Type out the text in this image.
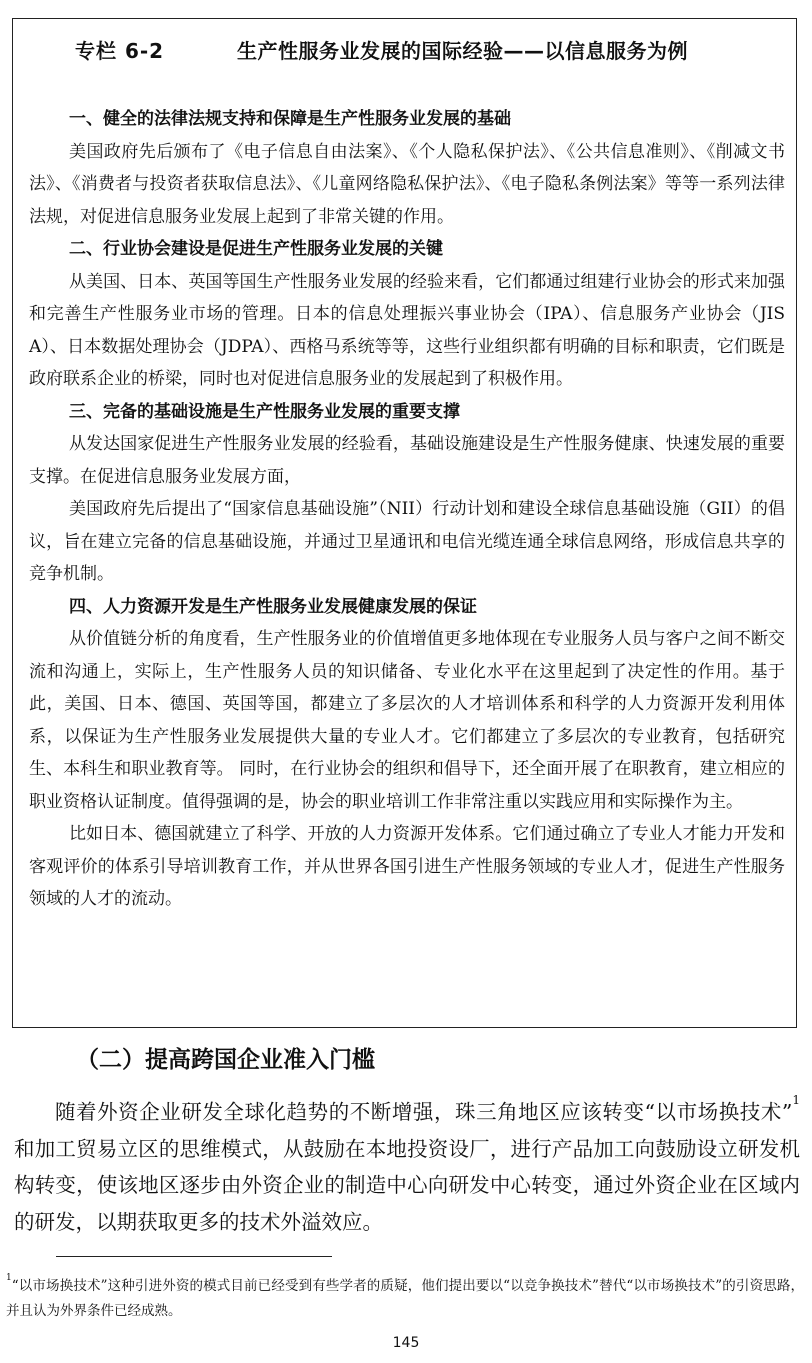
专栏 6-2	生产性服务业发展的国际经验——以信息服务为例
一、健全的法律法规支持和保障是生产性服务业发展的基础

美国政府先后颁布了《电子信息自由法案》、《个人隐私保护法》、《公共信息准则》、《削减文书法》、《消费者与投资者获取信息法》、《儿童网络隐私保护法》、《电子隐私条例法案》等等一系列法律法规，对促进信息服务业发展上起到了非常关键的作用。

二、行业协会建设是促进生产性服务业发展的关键

从美国、日本、英国等国生产性服务业发展的经验来看，它们都通过组建行业协会的形式来加强和完善生产性服务业市场的管理。日本的信息处理振兴事业协会（IPA）、信息服务产业协会（JISA）、日本数据处理协会（JDPA）、西格马系统等等，这些行业组织都有明确的目标和职责，它们既是政府联系企业的桥梁，同时也对促进信息服务业的发展起到了积极作用。

三、完备的基础设施是生产性服务业发展的重要支撑

从发达国家促进生产性服务业发展的经验看，基础设施建设是生产性服务健康、快速发展的重要支撑。在促进信息服务业发展方面，

美国政府先后提出了“国家信息基础设施”（NII）行动计划和建设全球信息基础设施（GII）的倡议，旨在建立完备的信息基础设施，并通过卫星通讯和电信光缆连通全球信息网络，形成信息共享的竞争机制。

四、人力资源开发是生产性服务业发展健康发展的保证

从价值链分析的角度看，生产性服务业的价值增值更多地体现在专业服务人员与客户之间不断交流和沟通上，实际上，生产性服务人员的知识储备、专业化水平在这里起到了决定性的作用。基于此，美国、日本、德国、英国等国，都建立了多层次的人才培训体系和科学的人力资源开发利用体系，以保证为生产性服务业发展提供大量的专业人才。它们都建立了多层次的专业教育，包括研究生、本科生和职业教育等。 同时，在行业协会的组织和倡导下，还全面开展了在职教育，建立相应的职业资格认证制度。值得强调的是，协会的职业培训工作非常注重以实践应用和实际操作为主。

比如日本、德国就建立了科学、开放的人力资源开发体系。它们通过确立了专业人才能力开发和客观评价的体系引导培训教育工作，并从世界各国引进生产性服务领域的专业人才，促进生产性服务领域的人才的流动。

（二）提高跨国企业准入门槛

随着外资企业研发全球化趋势的不断增强，珠三角地区应该转变“以市场换技术”$^1$和加工贸易立区的思维模式，从鼓励在本地投资设厂，进行产品加工向鼓励设立研发机构转变，使该地区逐步由外资企业的制造中心向研发中心转变，通过外资企业在区域内的研发，以期获取更多的技术外溢效应。

$^1$“以市场换技术”这种引进外资的模式目前已经受到有些学者的质疑，他们提出要以“以竞争换技术”替代“以市场换技术”的引资思路，并且认为外界条件已经成熟。

145
